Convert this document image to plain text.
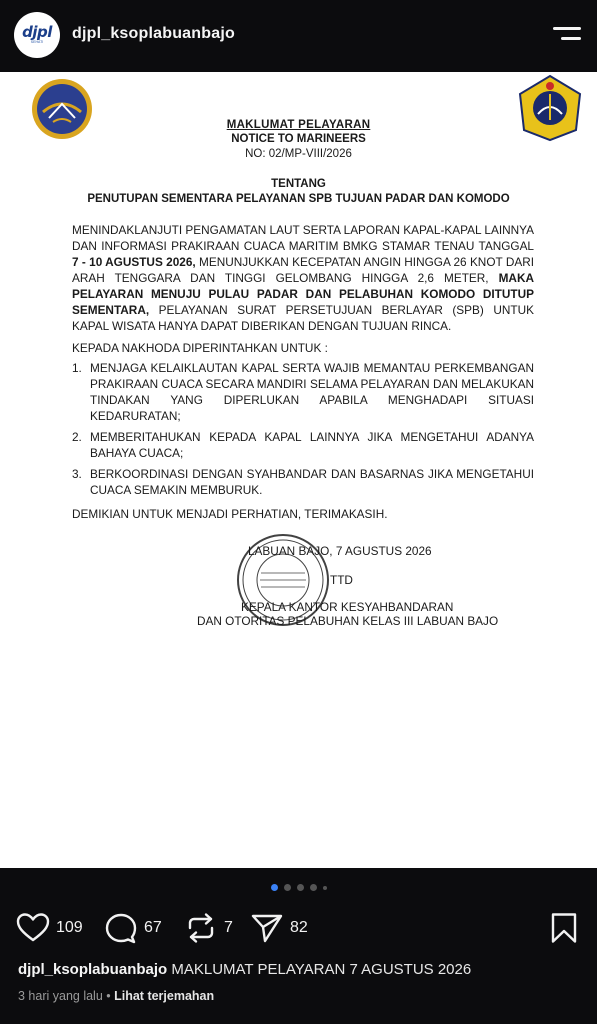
djpl
SEHATI djpl_ksoplabuanbajo
MAKLUMAT PELAYARAN
NOTICE TO MARINEERS
NO: 02/MP-VIII/2026
TENTANG
PENUTUPAN SEMENTARA PELAYANAN SPB TUJUAN PADAR DAN KOMODO
MENINDAKLANJUTI PENGAMATAN LAUT SERTA LAPORAN KAPAL-KAPAL LAINNYA DAN INFORMASI PRAKIRAAN CUACA MARITIM BMKG STAMAR TENAU TANGGAL 7 - 10 AGUSTUS 2026, MENUNJUKKAN KECEPATAN ANGIN HINGGA 26 KNOT DARI ARAH TENGGARA DAN TINGGI GELOMBANG HINGGA 2,6 METER, MAKA PELAYARAN MENUJU PULAU PADAR DAN PELABUHAN KOMODO DITUTUP SEMENTARA, PELAYANAN SURAT PERSETUJUAN BERLAYAR (SPB) UNTUK KAPAL WISATA HANYA DAPAT DIBERIKAN DENGAN TUJUAN RINCA.
KEPADA NAKHODA DIPERINTAHKAN UNTUK :
1. MENJAGA KELAIKLAUTAN KAPAL SERTA WAJIB MEMANTAU PERKEMBANGAN PRAKIRAAN CUACA SECARA MANDIRI SELAMA PELAYARAN DAN MELAKUKAN TINDAKAN YANG DIPERLUKAN APABILA MENGHADAPI SITUASI KEDARURATAN;
2. MEMBERITAHUKAN KEPADA KAPAL LAINNYA JIKA MENGETAHUI ADANYA BAHAYA CUACA;
3. BERKOORDINASI DENGAN SYAHBANDAR DAN BASARNAS JIKA MENGETAHUI CUACA SEMAKIN MEMBURUK.
DEMIKIAN UNTUK MENJADI PERHATIAN, TERIMAKASIH.
LABUAN BAJO, 7 AGUSTUS 2026
TTD
KEPALA KANTOR KESYAHBANDARAN
DAN OTORITAS PELABUHAN KELAS III LABUAN BAJO
109	67	7	82
djpl_ksoplabuanbajo MAKLUMAT PELAYARAN 7 AGUSTUS 2026
3 hari yang lalu • Lihat terjemahan
